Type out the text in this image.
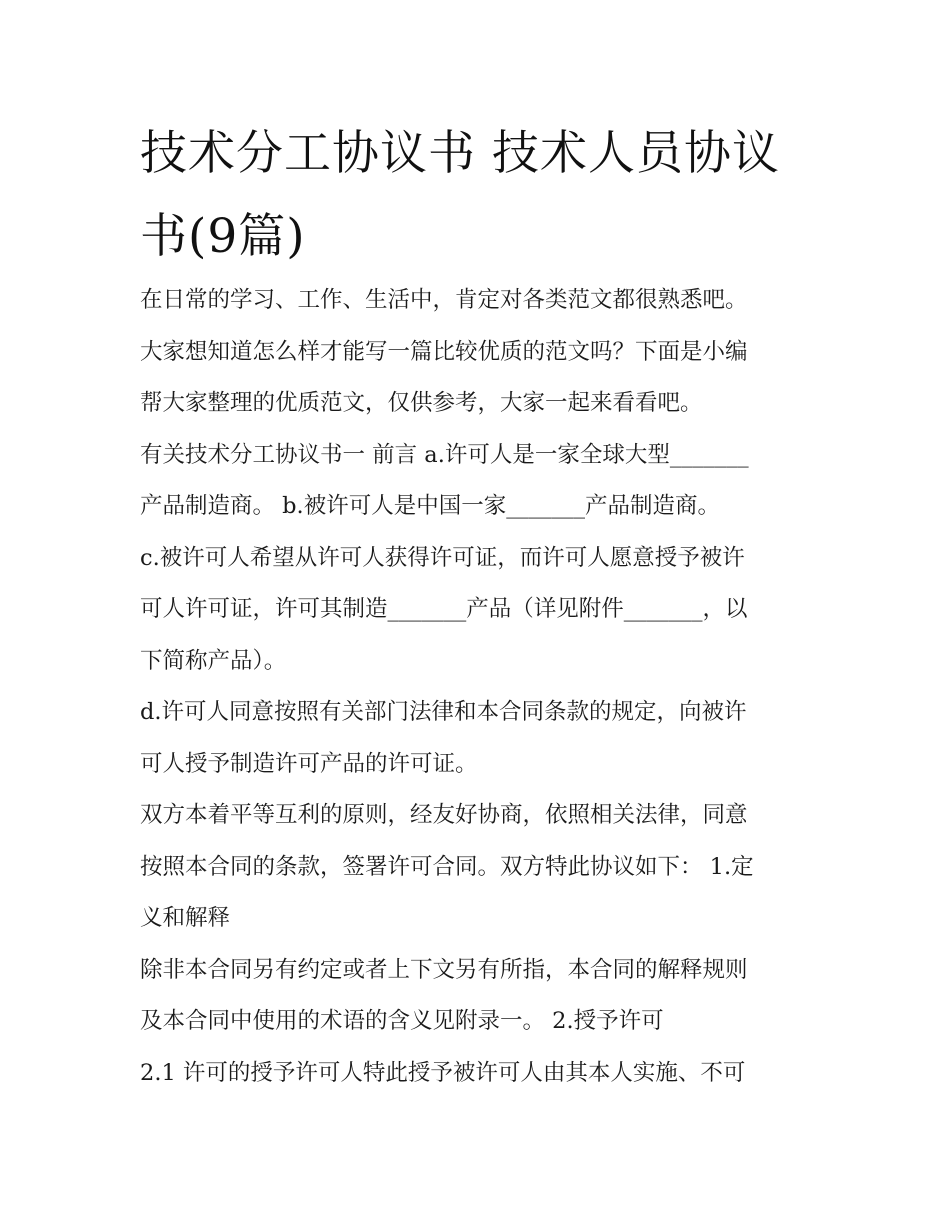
技术分工协议书 技术人员协议
书(9篇)
在日常的学习、工作、生活中，肯定对各类范文都很熟悉吧。
大家想知道怎么样才能写一篇比较优质的范文吗？下面是小编
帮大家整理的优质范文，仅供参考，大家一起来看看吧。
有关技术分工协议书一 前言 a.许可人是一家全球大型_______
产品制造商。 b.被许可人是中国一家_______产品制造商。
c.被许可人希望从许可人获得许可证，而许可人愿意授予被许
可人许可证，许可其制造_______产品（详见附件_______，以
下简称产品）。
d.许可人同意按照有关部门法律和本合同条款的规定，向被许
可人授予制造许可产品的许可证。
双方本着平等互利的原则，经友好协商，依照相关法律，同意
按照本合同的条款，签署许可合同。双方特此协议如下： 1.定
义和解释
除非本合同另有约定或者上下文另有所指，本合同的解释规则
及本合同中使用的术语的含义见附录一。 2.授予许可
2.1 许可的授予许可人特此授予被许可人由其本人实施、不可
